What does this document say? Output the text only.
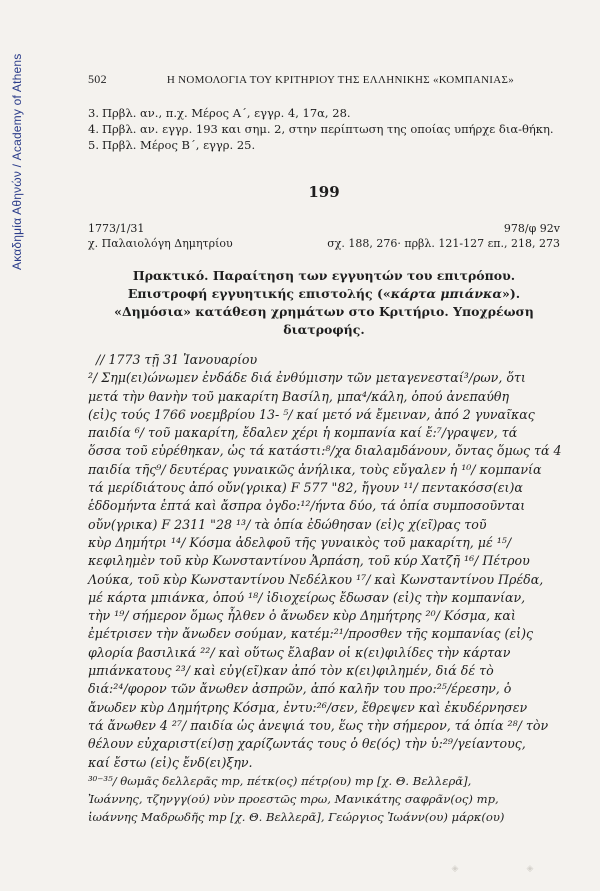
Ακαδημία Αθηνών / Academy of Athens	502	Η ΝΟΜΟΛΟΓΙΑ ΤΟΥ ΚΡΙΤΗΡΙΟΥ ΤΗΣ ΕΛΛΗΝΙΚΗΣ «ΚΟΜΠΑΝΙΑΣ»
3. Πρβλ. αν., π.χ. Μέρος Α΄, εγγρ. 4, 17α, 28.
4. Πρβλ. αν. εγγρ. 193 και σημ. 2, στην περίπτωση της οποίας υπήρχε δια-θήκη.
5. Πρβλ. Μέρος Β΄, εγγρ. 25.
199
1773/1/31	978/φ 92v
χ. Παλαιολόγη Δημητρίου	σχ. 188, 276· πρβλ. 121-127 επ., 218, 273
Πρακτικό. Παραίτηση των εγγυητών του επιτρόπου. Επιστροφή εγγυητικής επιστολής («κάρτα μπιάνκα»). «Δημόσια» κατάθεση χρημάτων στο Κριτήριο. Υποχρέωση διατροφής.
// 1773 τῇ 31 Ἰανουαρίου
²/ Σημ(ει)ώνωμεν ἐνδάδε διά ἐνθύμισην τῶν μεταγενεσταί³/ρων, ὅτι
μετά τὴν θανὴν τοῦ μακαρίτη Βασίλη, μπα⁴/κάλη, ὁπού ἀνεπαύθη
(εἰ)ς τούς 1766 νοεμβρίου 13- ⁵/ καί μετό νά ἔμειναν, ἀπό 2 γυναῖκας
παιδία ⁶/ τοῦ μακαρίτη, ἔδαλεν χέρι ἡ κομπανία καί ἔ:⁷/γραψεν, τά
ὅσσα τοῦ εὑρέθηκαν, ὡς τά κατάστι:⁸/χα διαλαμδάνουν, ὄντας ὅμως τά 4
παιδία τῆς⁹/ δευτέρας γυναικῶς ἀνήλικα, τοὺς εὔγαλεν ἡ ¹⁰/ κομπανία
τά μερίδιάτους ἀπό οὔν(γρικα) F 577 "82, ἤγουν ¹¹/ πεντακόσσ(ει)α
ἑδδομήντα ἑπτά καὶ ἄσπρα ὀγδο:¹²/ήντα δύο, τά ὁπία συμποσοῦνται
οὔν(γρικα) F 2311 "28 ¹³/ τὰ ὁπία ἐδώθησαν (εἰ)ς χ(εῖ)ρας τοῦ
κὺρ Δημήτρι ¹⁴/ Κόσμα ἀδελφοῦ τῆς γυναικὸς τοῦ μακαρίτη, μέ ¹⁵/
κεφιλημὲν τοῦ κὺρ Κωνσταντίνου Ἀρπάση, τοῦ κύρ Χατζῆ ¹⁶/ Πέτρου
Λούκα, τοῦ κὺρ Κωνσταντίνου Νεδέλκου ¹⁷/ καὶ Κωνσταντίνου Πρέδα,
μέ κάρτα μπιάνκα, ὁπού ¹⁸/ ἰδιοχείρως ἔδωσαν (εἰ)ς τὴν κομπανίαν,
τὴν ¹⁹/ σήμερον ὅμως ἦλθεν ὁ ἄνωδεν κὺρ Δημήτρης ²⁰/ Κόσμα, καὶ
ἐμέτρισεν τὴν ἄνωδεν σούμαν, κατέμ:²¹/προσθεν τῆς κομπανίας (εἰ)ς
φλορία βασιλικά ²²/ καὶ οὕτως ἔλαβαν οἱ κ(ει)φιλίδες τὴν κάρταν
μπιάνκατους ²³/ καὶ εὐγ(εῖ)καν ἀπό τὸν κ(ει)φιλημέν, διά δέ τὸ
διά:²⁴/φορον τῶν ἄνωθεν ἀσπρῶν, ἀπό καλῆν του προ:²⁵/έρεσην, ὁ
ἄνωδεν κὺρ Δημήτρης Κόσμα, ἐντυ:²⁶/σεν, ἔθρεψεν καὶ ἐκυδέρνησεν
τά ἄνωθεν 4 ²⁷/ παιδία ὡς ἀνεψιά του, ἕως τὴν σήμερον, τά ὁπία ²⁸/ τὸν
θέλουν εὐχαριστ(εί)σῃ χαρίζωντάς τους ὁ θε(ός) τὴν ὑ:²⁹/γείαντους,
καί ἔστω (εἰ)ς ἔνδ(ει)ξην.
³⁰⁻³⁵/ θωμᾶς δελλερᾶς mp, πέτκ(ος) πέτρ(ου) mp [χ. Θ. Βελλερᾶ],
Ἰωάννης, τζηνγγ(ού) νὺν προεστῶς mρω, Μανικάτης σαφρᾶν(ος) mp,
ἰωάννης Μαδρωδῆς mp [χ. Θ. Βελλερᾶ], Γεώργιος Ἰωάνν(ου) μάρκ(ου)
◈	◈
